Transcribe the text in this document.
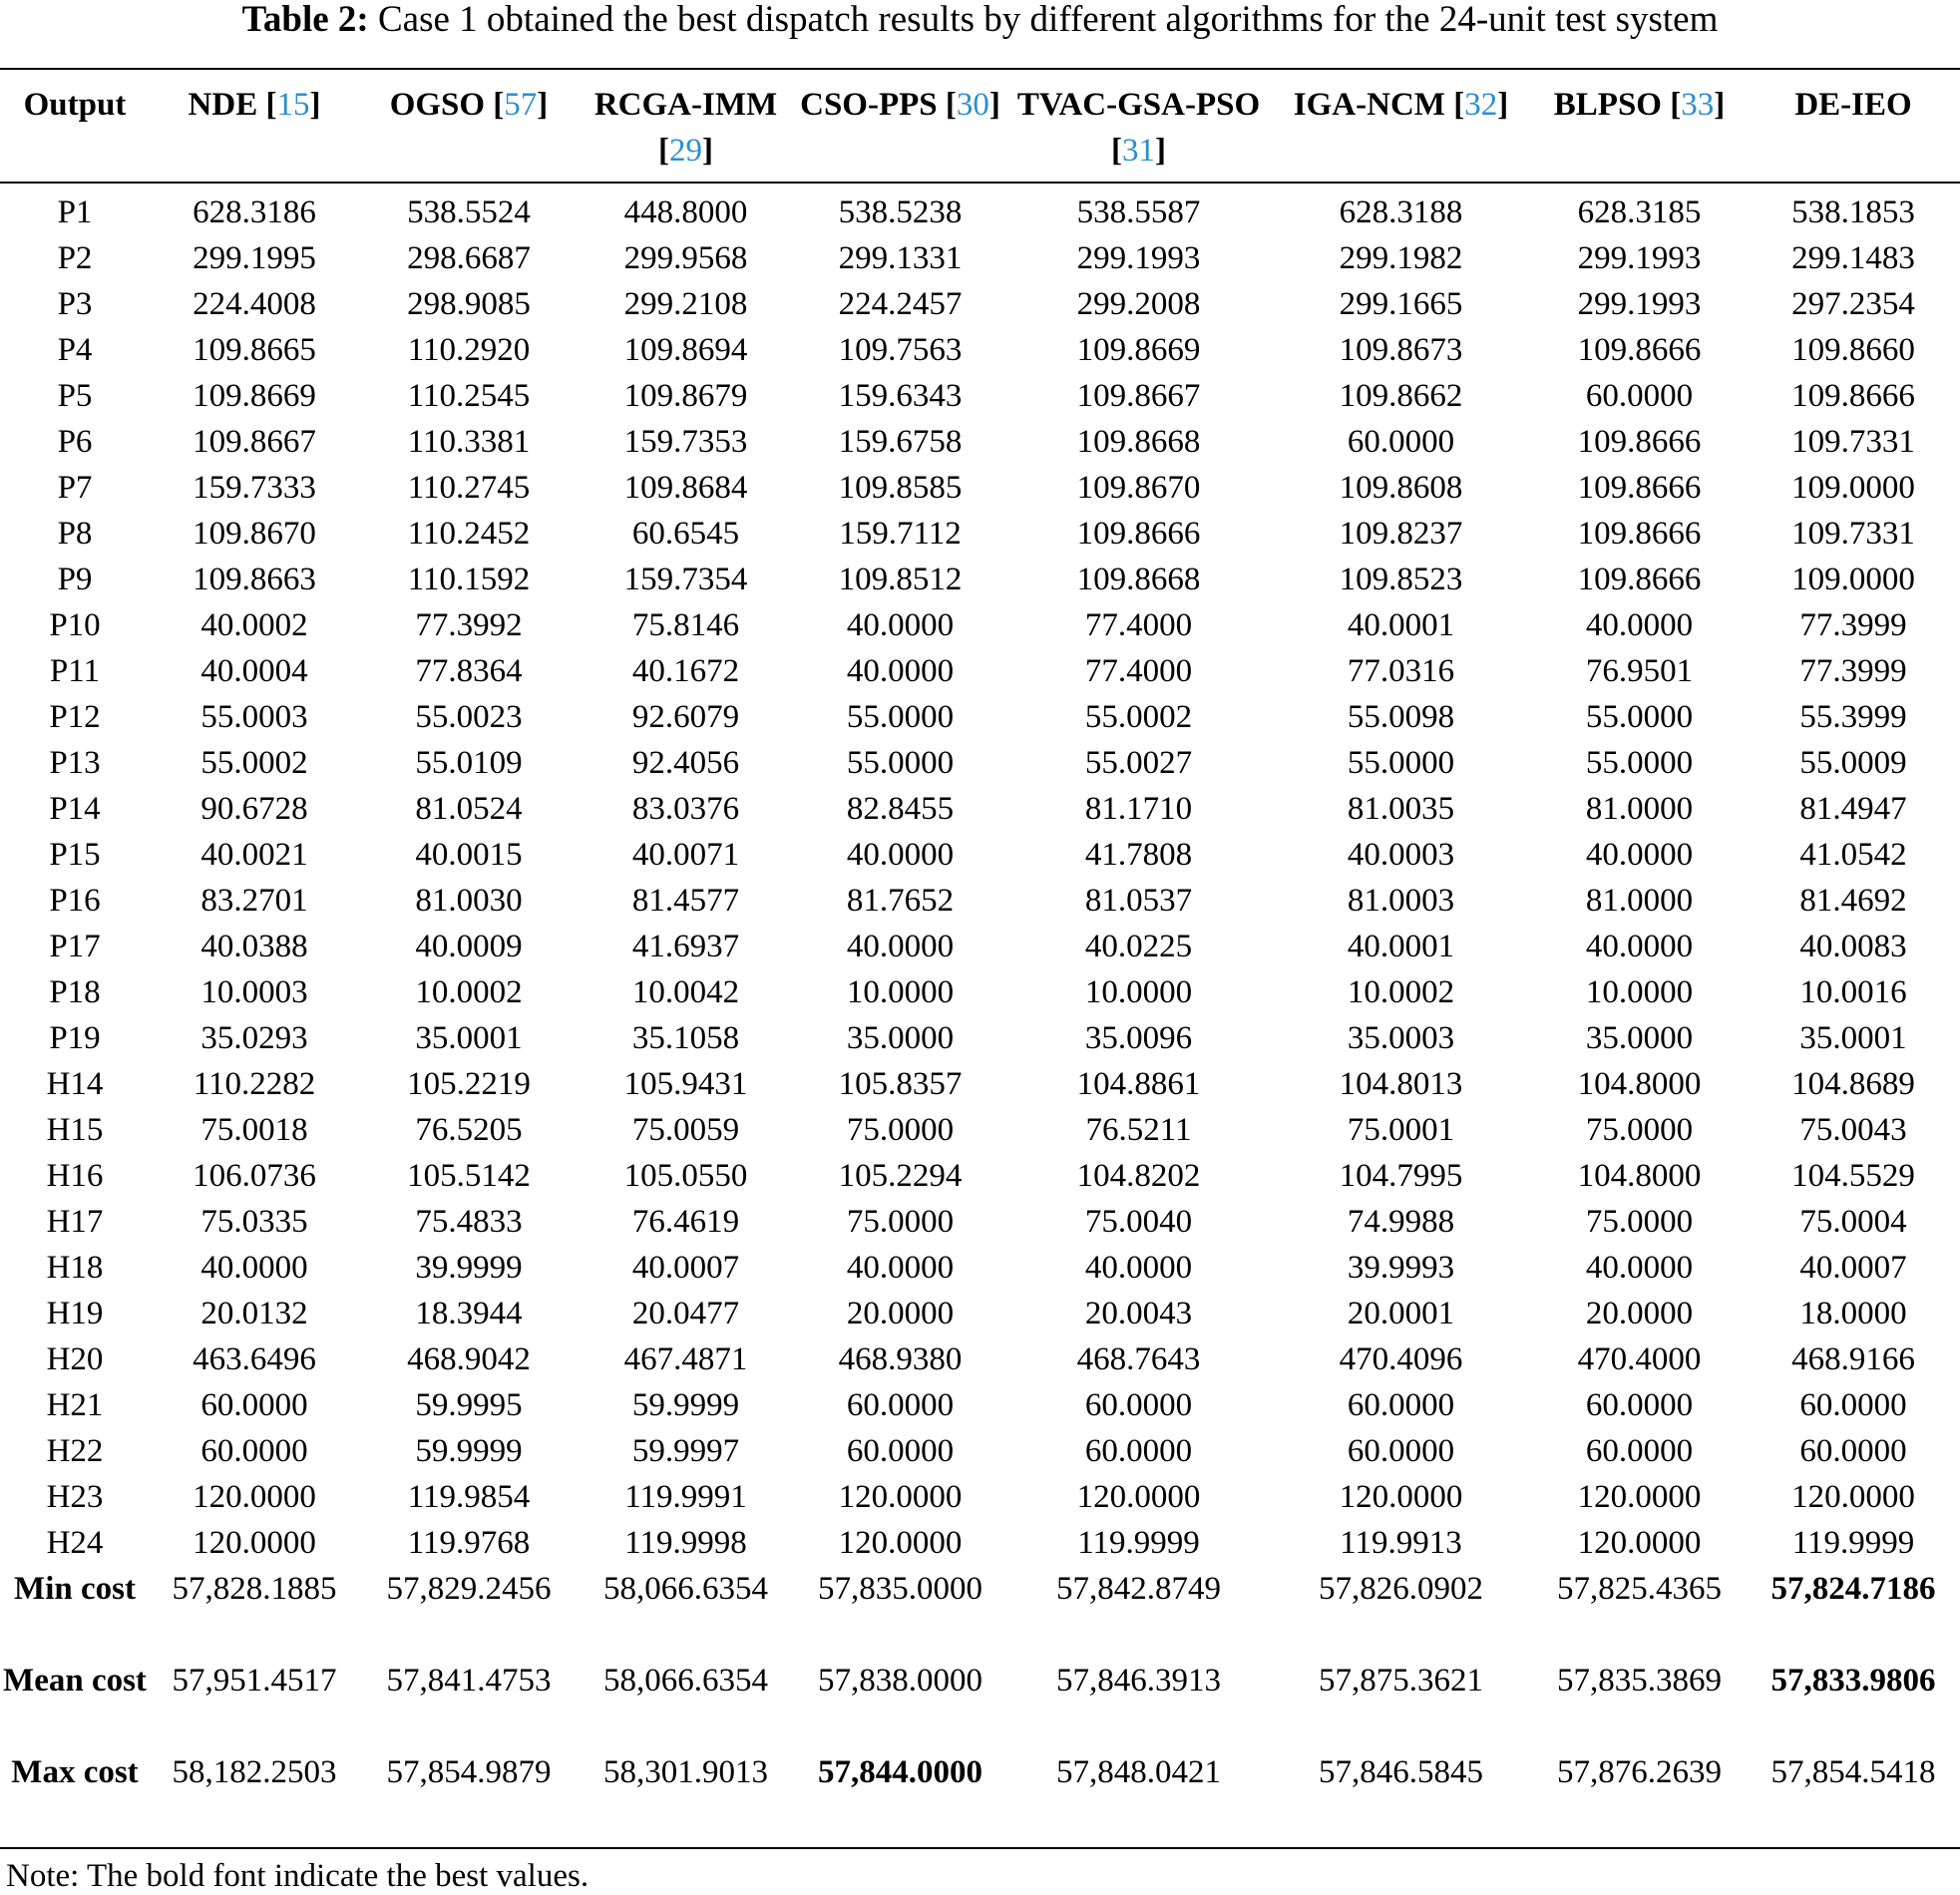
Table 2: Case 1 obtained the best dispatch results by different algorithms for the 24-unit test system
Output	NDE [15]	OGSO [57]	RCGA-IMM [29]	CSO-PPS [30]	TVAC-GSA-PSO [31]	IGA-NCM [32]	BLPSO [33]	DE-IEO
P1	628.3186	538.5524	448.8000	538.5238	538.5587	628.3188	628.3185	538.1853
P2	299.1995	298.6687	299.9568	299.1331	299.1993	299.1982	299.1993	299.1483
P3	224.4008	298.9085	299.2108	224.2457	299.2008	299.1665	299.1993	297.2354
P4	109.8665	110.2920	109.8694	109.7563	109.8669	109.8673	109.8666	109.8660
P5	109.8669	110.2545	109.8679	159.6343	109.8667	109.8662	60.0000	109.8666
P6	109.8667	110.3381	159.7353	159.6758	109.8668	60.0000	109.8666	109.7331
P7	159.7333	110.2745	109.8684	109.8585	109.8670	109.8608	109.8666	109.0000
P8	109.8670	110.2452	60.6545	159.7112	109.8666	109.8237	109.8666	109.7331
P9	109.8663	110.1592	159.7354	109.8512	109.8668	109.8523	109.8666	109.0000
P10	40.0002	77.3992	75.8146	40.0000	77.4000	40.0001	40.0000	77.3999
P11	40.0004	77.8364	40.1672	40.0000	77.4000	77.0316	76.9501	77.3999
P12	55.0003	55.0023	92.6079	55.0000	55.0002	55.0098	55.0000	55.3999
P13	55.0002	55.0109	92.4056	55.0000	55.0027	55.0000	55.0000	55.0009
P14	90.6728	81.0524	83.0376	82.8455	81.1710	81.0035	81.0000	81.4947
P15	40.0021	40.0015	40.0071	40.0000	41.7808	40.0003	40.0000	41.0542
P16	83.2701	81.0030	81.4577	81.7652	81.0537	81.0003	81.0000	81.4692
P17	40.0388	40.0009	41.6937	40.0000	40.0225	40.0001	40.0000	40.0083
P18	10.0003	10.0002	10.0042	10.0000	10.0000	10.0002	10.0000	10.0016
P19	35.0293	35.0001	35.1058	35.0000	35.0096	35.0003	35.0000	35.0001
H14	110.2282	105.2219	105.9431	105.8357	104.8861	104.8013	104.8000	104.8689
H15	75.0018	76.5205	75.0059	75.0000	76.5211	75.0001	75.0000	75.0043
H16	106.0736	105.5142	105.0550	105.2294	104.8202	104.7995	104.8000	104.5529
H17	75.0335	75.4833	76.4619	75.0000	75.0040	74.9988	75.0000	75.0004
H18	40.0000	39.9999	40.0007	40.0000	40.0000	39.9993	40.0000	40.0007
H19	20.0132	18.3944	20.0477	20.0000	20.0043	20.0001	20.0000	18.0000
H20	463.6496	468.9042	467.4871	468.9380	468.7643	470.4096	470.4000	468.9166
H21	60.0000	59.9995	59.9999	60.0000	60.0000	60.0000	60.0000	60.0000
H22	60.0000	59.9999	59.9997	60.0000	60.0000	60.0000	60.0000	60.0000
H23	120.0000	119.9854	119.9991	120.0000	120.0000	120.0000	120.0000	120.0000
H24	120.0000	119.9768	119.9998	120.0000	119.9999	119.9913	120.0000	119.9999
Min cost	57,828.1885	57,829.2456	58,066.6354	57,835.0000	57,842.8749	57,826.0902	57,825.4365	57,824.7186
Mean cost	57,951.4517	57,841.4753	58,066.6354	57,838.0000	57,846.3913	57,875.3621	57,835.3869	57,833.9806
Max cost	58,182.2503	57,854.9879	58,301.9013	57,844.0000	57,848.0421	57,846.5845	57,876.2639	57,854.5418
Note: The bold font indicate the best values.
